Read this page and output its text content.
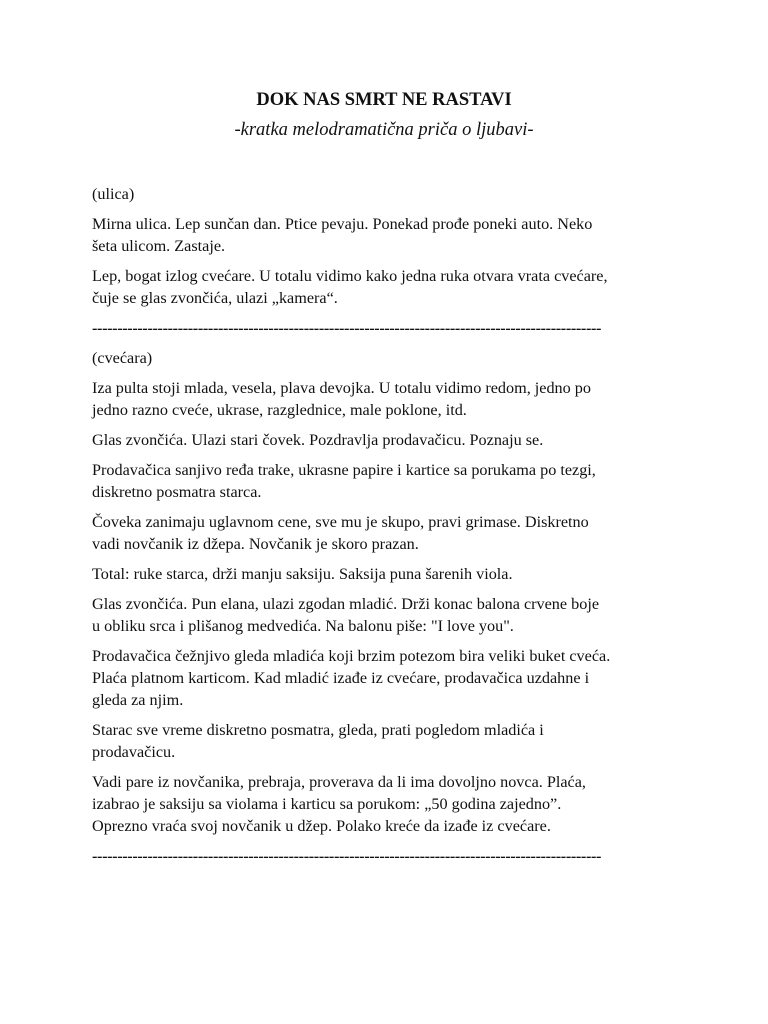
DOK NAS SMRT NE RASTAVI
-kratka melodramatična priča o ljubavi-

(ulica)

Mirna ulica. Lep sunčan dan. Ptice pevaju. Ponekad prođe poneki auto. Neko
šeta ulicom. Zastaje.

Lep, bogat izlog cvećare. U totalu vidimo kako jedna ruka otvara vrata cvećare,
čuje se glas zvončića, ulazi „kamera“.

-----------------------------------------------------------------------------------------------------

(cvećara)

Iza pulta stoji mlada, vesela, plava devojka. U totalu vidimo redom, jedno po
jedno razno cveće, ukrase, razglednice, male poklone, itd.

Glas zvončića. Ulazi stari čovek. Pozdravlja prodavačicu. Poznaju se.

Prodavačica sanjivo ređa trake, ukrasne papire i kartice sa porukama po tezgi,
diskretno posmatra starca.

Čoveka zanimaju uglavnom cene, sve mu je skupo, pravi grimase. Diskretno
vadi novčanik iz džepa. Novčanik je skoro prazan.

Total: ruke starca, drži manju saksiju. Saksija puna šarenih viola.

Glas zvončića. Pun elana, ulazi zgodan mladić. Drži konac balona crvene boje
u obliku srca i plišanog medvedića. Na balonu piše: "I love you".

Prodavačica čežnjivo gleda mladića koji brzim potezom bira veliki buket cveća.
Plaća platnom karticom. Kad mladić izađe iz cvećare, prodavačica uzdahne i
gleda za njim.

Starac sve vreme diskretno posmatra, gleda, prati pogledom mladića i
prodavačicu.

Vadi pare iz novčanika, prebraja, proverava da li ima dovoljno novca. Plaća,
izabrao je saksiju sa violama i karticu sa porukom: „50 godina zajedno”.
Oprezno vraća svoj novčanik u džep. Polako kreće da izađe iz cvećare.

-----------------------------------------------------------------------------------------------------
